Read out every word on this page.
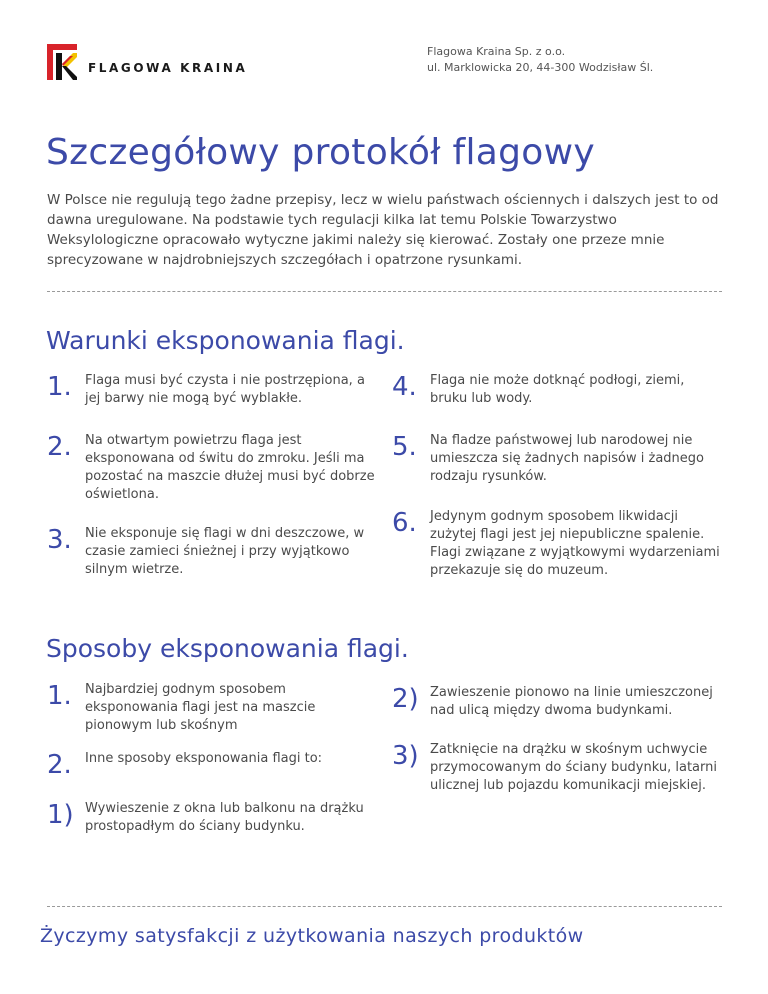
FLAGOWA KRAINA
Flagowa Kraina Sp. z o.o.
ul. Marklowicka 20, 44-300 Wodzisław Śl.
Szczegółowy protokół flagowy

W Polsce nie regulują tego żadne przepisy, lecz w wielu państwach ościennych i dalszych jest to od dawna uregulowane. Na podstawie tych regulacji kilka lat temu Polskie Towarzystwo Weksylologiczne opracowało wytyczne jakimi należy się kierować. Zostały one przeze mnie sprecyzowane w najdrobniejszych szczegółach i opatrzone rysunkami.

Warunki eksponowania flagi.
1. Flaga musi być czysta i nie postrzępiona, a jej barwy nie mogą być wyblakłe.
2. Na otwartym powietrzu flaga jest eksponowana od świtu do zmroku. Jeśli ma pozostać na maszcie dłużej musi być dobrze oświetlona.
3. Nie eksponuje się flagi w dni deszczowe, w czasie zamieci śnieżnej i przy wyjątkowo silnym wietrze.
4. Flaga nie może dotknąć podłogi, ziemi, bruku lub wody.
5. Na fladze państwowej lub narodowej nie umieszcza się żadnych napisów i żadnego rodzaju rysunków.
6. Jedynym godnym sposobem likwidacji zużytej flagi jest jej niepubliczne spalenie. Flagi związane z wyjątkowymi wydarzeniami przekazuje się do muzeum.
Sposoby eksponowania flagi.
1. Najbardziej godnym sposobem eksponowania flagi jest na maszcie pionowym lub skośnym
2. Inne sposoby eksponowania flagi to:
1) Wywieszenie z okna lub balkonu na drążku prostopadłym do ściany budynku.
2) Zawieszenie pionowo na linie umieszczonej nad ulicą między dwoma budynkami.
3) Zatknięcie na drążku w skośnym uchwycie przymocowanym do ściany budynku, latarni ulicznej lub pojazdu komunikacji miejskiej.
Życzymy satysfakcji z użytkowania naszych produktów
